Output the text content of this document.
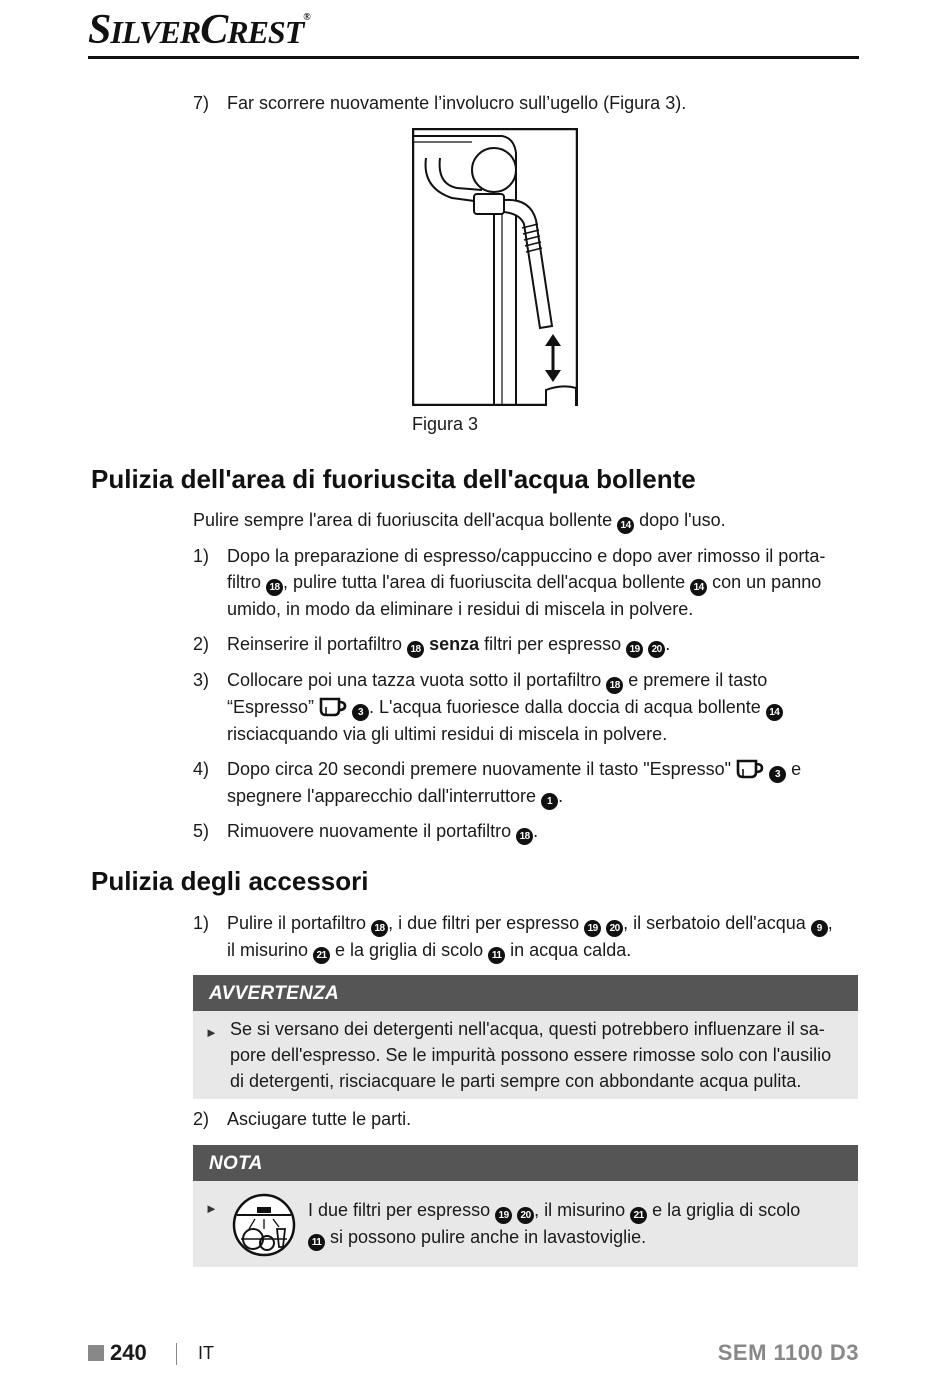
SILVERCREST®
7) Far scorrere nuovamente l’involucro sull’ugello (Figura 3).
Figura 3
Pulizia dell'area di fuoriuscita dell'acqua bollente
Pulire sempre l'area di fuoriuscita dell'acqua bollente 14 dopo l'uso.
1) Dopo la preparazione di espresso/cappuccino e dopo aver rimosso il porta-
filtro 18 , pulire tutta l'area di fuoriuscita dell'acqua bollente 14 con un panno
umido, in modo da eliminare i residui di miscela in polvere.
2) Reinserire il portafiltro 18 senza filtri per espresso 19 20 .
3) Collocare poi una tazza vuota sotto il portafiltro 18 e premere il tasto
“Espresso”	3 . L'acqua fuoriesce dalla doccia di acqua bollente 14
risciacquando via gli ultimi residui di miscela in polvere.
4) Dopo circa 20 secondi premere nuovamente il tasto "Espresso"	3 e
spegnere l'apparecchio dall'interruttore 1 .
5) Rimuovere nuovamente il portafiltro 18 .
Pulizia degli accessori
1) Pulire il portafiltro 18 , i due filtri per espresso 19 20 , il serbatoio dell'acqua 9 ,
il misurino 21 e la griglia di scolo 11 in acqua calda.
AVVERTENZA
► Se si versano dei detergenti nell'acqua, questi potrebbero influenzare il sa-
pore dell'espresso. Se le impurità possono essere rimosse solo con l'ausilio
di detergenti, risciacquare le parti sempre con abbondante acqua pulita.
2) Asciugare tutte le parti.
NOTA
►	I due filtri per espresso 19 20 , il misurino 21 e la griglia di scolo
11 si possono pulire anche in lavastoviglie.
240	IT	SEM 1100 D3
